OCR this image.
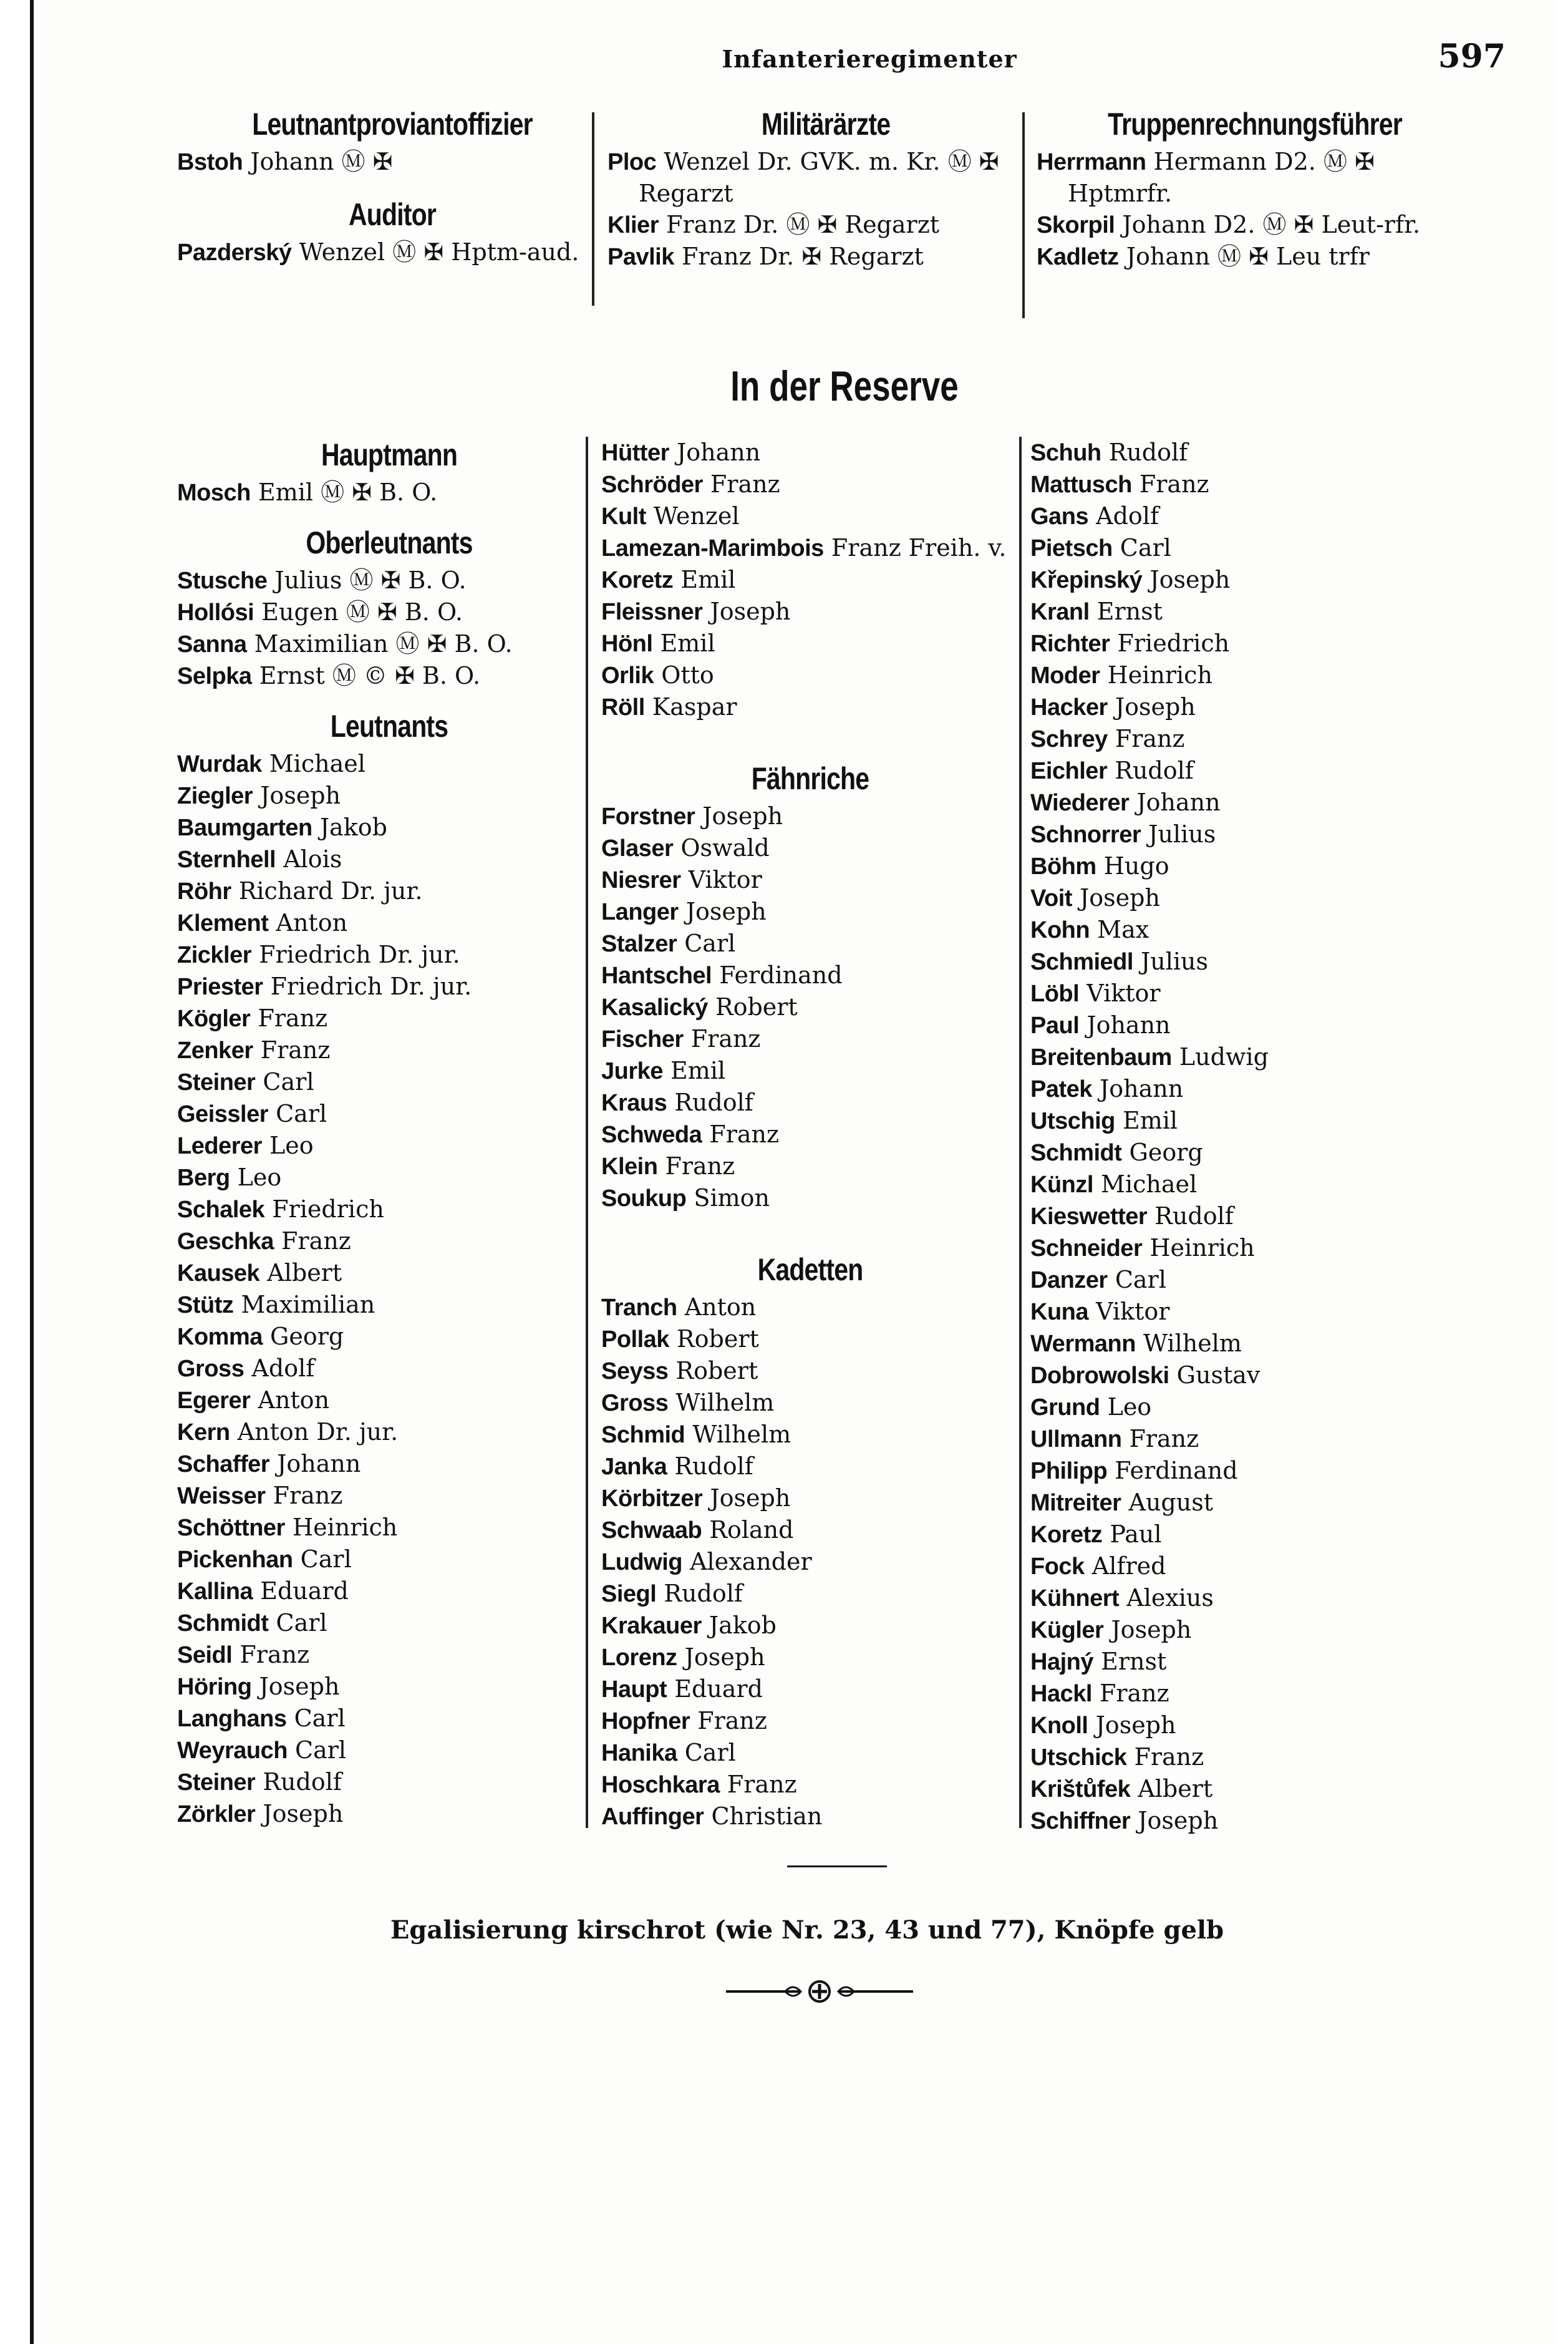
Infanterieregimenter	597
Leutnantproviantoffizier
Bstoh Johann Ⓜ ✠
Auditor
Pazderský Wenzel Ⓜ ✠ Hptm-aud.
Militärärzte
Ploc Wenzel Dr. GVK. m. Kr. Ⓜ ✠ Regarzt
Klier Franz Dr. Ⓜ ✠ Regarzt
Pavlik Franz Dr. ✠ Regarzt
Truppenrechnungsführer
Herrmann Hermann D2. Ⓜ ✠ Hptmrfr.
Skorpil Johann D2. Ⓜ ✠ Leut-rfr.
Kadletz Johann Ⓜ ✠ Leu trfr
In der Reserve
Hauptmann
Mosch Emil Ⓜ ✠ B. O.
Oberleutnants
Stusche Julius Ⓜ ✠ B. O.
Hollósi Eugen Ⓜ ✠ B. O.
Sanna Maximilian Ⓜ ✠ B. O.
Selpka Ernst Ⓜ © ✠ B. O.
Leutnants
Wurdak Michael
Ziegler Joseph
Baumgarten Jakob
Sternhell Alois
Röhr Richard Dr. jur.
Klement Anton
Zickler Friedrich Dr. jur.
Priester Friedrich Dr. jur.
Kögler Franz
Zenker Franz
Steiner Carl
Geissler Carl
Lederer Leo
Berg Leo
Schalek Friedrich
Geschka Franz
Kausek Albert
Stütz Maximilian
Komma Georg
Gross Adolf
Egerer Anton
Kern Anton Dr. jur.
Schaffer Johann
Weisser Franz
Schöttner Heinrich
Pickenhan Carl
Kallina Eduard
Schmidt Carl
Seidl Franz
Höring Joseph
Langhans Carl
Weyrauch Carl
Steiner Rudolf
Zörkler Joseph
Hütter Johann
Schröder Franz
Kult Wenzel
Lamezan-Marimbois Franz Freih. v.
Koretz Emil
Fleissner Joseph
Hönl Emil
Orlik Otto
Röll Kaspar
Fähnriche
Forstner Joseph
Glaser Oswald
Niesrer Viktor
Langer Joseph
Stalzer Carl
Hantschel Ferdinand
Kasalický Robert
Fischer Franz
Jurke Emil
Kraus Rudolf
Schweda Franz
Klein Franz
Soukup Simon
Kadetten
Tranch Anton
Pollak Robert
Seyss Robert
Gross Wilhelm
Schmid Wilhelm
Janka Rudolf
Körbitzer Joseph
Schwaab Roland
Ludwig Alexander
Siegl Rudolf
Krakauer Jakob
Lorenz Joseph
Haupt Eduard
Hopfner Franz
Hanika Carl
Hoschkara Franz
Auffinger Christian
Schuh Rudolf
Mattusch Franz
Gans Adolf
Pietsch Carl
Křepinský Joseph
Kranl Ernst
Richter Friedrich
Moder Heinrich
Hacker Joseph
Schrey Franz
Eichler Rudolf
Wiederer Johann
Schnorrer Julius
Böhm Hugo
Voit Joseph
Kohn Max
Schmiedl Julius
Löbl Viktor
Paul Johann
Breitenbaum Ludwig
Patek Johann
Utschig Emil
Schmidt Georg
Künzl Michael
Kieswetter Rudolf
Schneider Heinrich
Danzer Carl
Kuna Viktor
Wermann Wilhelm
Dobrowolski Gustav
Grund Leo
Ullmann Franz
Philipp Ferdinand
Mitreiter August
Koretz Paul
Fock Alfred
Kühnert Alexius
Kügler Joseph
Hajný Ernst
Hackl Franz
Knoll Joseph
Utschick Franz
Krištůfek Albert
Schiffner Joseph
Egalisierung kirschrot (wie Nr. 23, 43 und 77), Knöpfe gelb
